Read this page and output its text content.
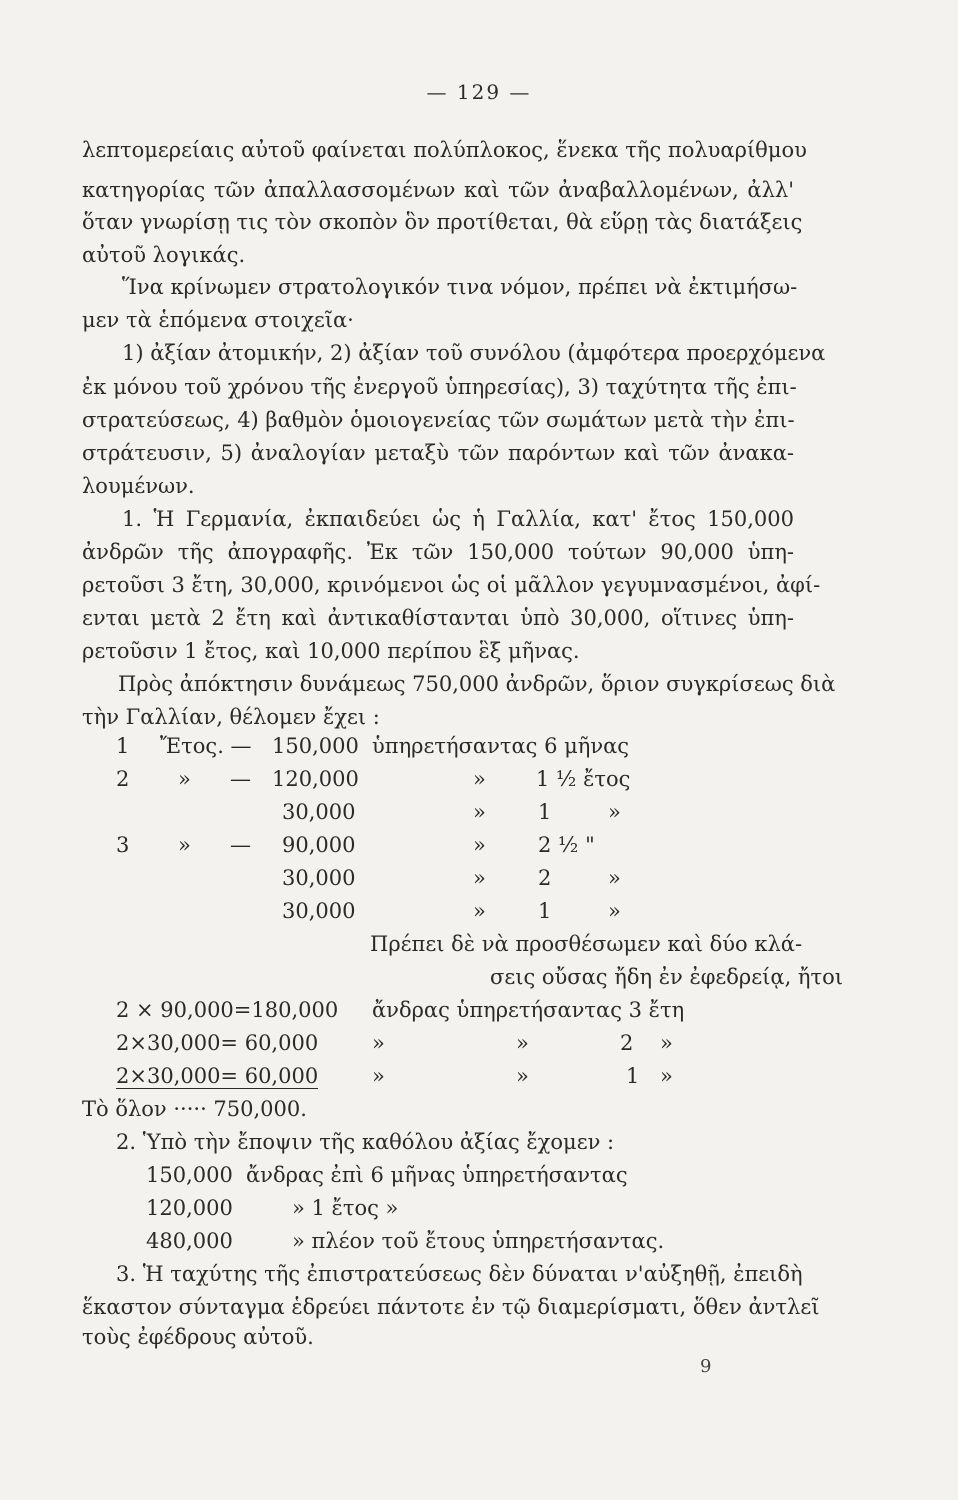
— 129 —
λεπτομερείαις αὐτοῦ φαίνεται πολύπλοκος, ἕνεκα τῆς πολυαρίθμου
κατηγορίας τῶν ἀπαλλασσομένων καὶ τῶν ἀναβαλλομένων, ἀλλ'
ὅταν γνωρίσῃ τις τὸν σκοπὸν ὃν προτίθεται, θὰ εὕρῃ τὰς διατάξεις
αὐτοῦ λογικάς.
Ἵνα κρίνωμεν στρατολογικόν τινα νόμον, πρέπει νὰ ἐκτιμήσω-
μεν τὰ ἑπόμενα στοιχεῖα·
1) ἀξίαν ἀτομικήν, 2) ἀξίαν τοῦ συνόλου (ἀμφότερα προερχόμενα
ἐκ μόνου τοῦ χρόνου τῆς ἐνεργοῦ ὑπηρεσίας), 3) ταχύτητα τῆς ἐπι-
στρατεύσεως, 4) βαθμὸν ὁμοιογενείας τῶν σωμάτων μετὰ τὴν ἐπι-
στράτευσιν, 5) ἀναλογίαν μεταξὺ τῶν παρόντων καὶ τῶν ἀνακα-
λουμένων.
1. Ἡ Γερμανία, ἐκπαιδεύει ὡς ἡ Γαλλία, κατ' ἔτος 150,000
ἀνδρῶν τῆς ἀπογραφῆς. Ἐκ τῶν 150,000 τούτων 90,000 ὑπη-
ρετοῦσι 3 ἔτη, 30,000, κρινόμενοι ὡς οἱ μᾶλλον γεγυμνασμένοι, ἀφί-
ενται μετὰ 2 ἔτη καὶ ἀντικαθίστανται ὑπὸ 30,000, οἵτινες ὑπη-
ρετοῦσιν 1 ἔτος, καὶ 10,000 περίπου ἓξ μῆνας.
Πρὸς ἀπόκτησιν δυνάμεως 750,000 ἀνδρῶν, ὅριον συγκρίσεως διὰ
τὴν Γαλλίαν, θέλομεν ἔχει :
1 Ἔτος. — 150,000 ὑπηρετήσαντας 6 μῆνας
2 » — 120,000	» 1 ½ ἔτος
30,000	» 1	»
3 » — 90,000	» 2 ½ "
30,000	» 2	»
30,000	» 1	»
Πρέπει δὲ νὰ προσθέσωμεν καὶ δύο κλά-
σεις οὔσας ἤδη ἐν ἐφεδρείᾳ, ἤτοι
2 × 90,000=180,000 ἄνδρας ὑπηρετήσαντας 3 ἔτη
2×30,000= 60,000	»	»	2 »
2×30,000= 60,000	»	»	1 »
Τὸ ὅλον ····· 750,000.
2. Ὑπὸ τὴν ἔποψιν τῆς καθόλου ἀξίας ἔχομεν :
150,000 ἄνδρας ἐπὶ 6 μῆνας ὑπηρετήσαντας
120,000	» 1 ἔτος »
480,000	» πλέον τοῦ ἔτους ὑπηρετήσαντας.
3. Ἡ ταχύτης τῆς ἐπιστρατεύσεως δὲν δύναται ν'αὐξηθῇ, ἐπειδὴ
ἕκαστον σύνταγμα ἑδρεύει πάντοτε ἐν τῷ διαμερίσματι, ὅθεν ἀντλεῖ
τοὺς ἐφέδρους αὐτοῦ.
9
